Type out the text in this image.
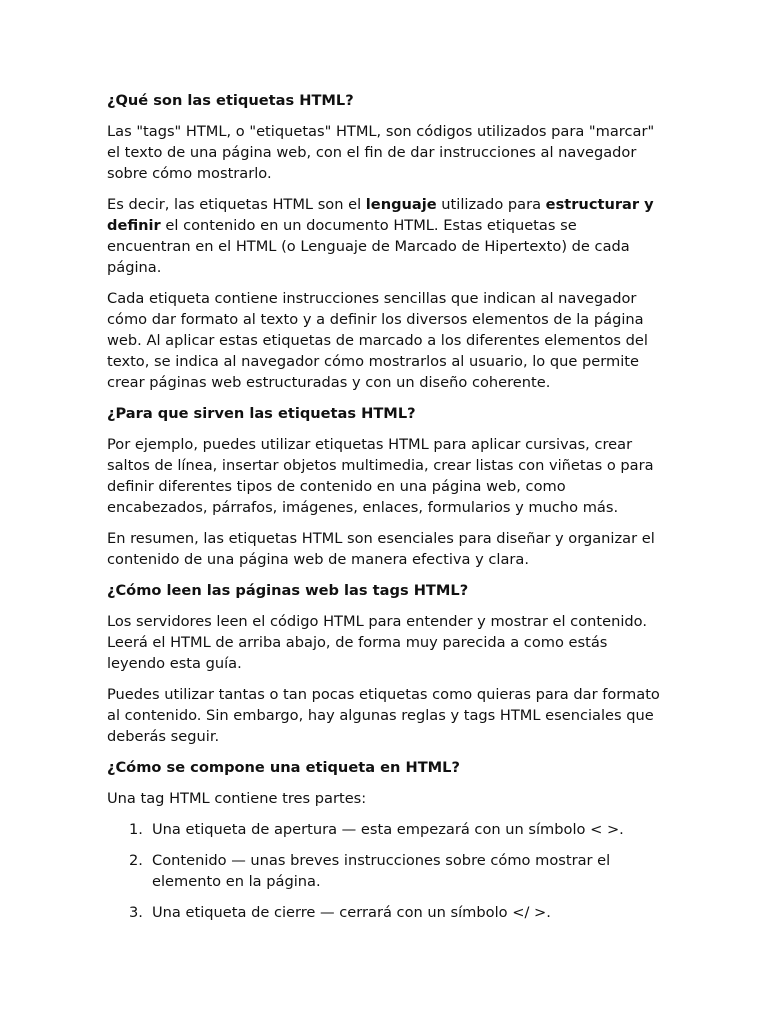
¿Qué son las etiquetas HTML?

Las "tags" HTML, o "etiquetas" HTML, son códigos utilizados para "marcar" el texto de una página web, con el fin de dar instrucciones al navegador sobre cómo mostrarlo.

Es decir, las etiquetas HTML son el lenguaje utilizado para estructurar y definir el contenido en un documento HTML. Estas etiquetas se encuentran en el HTML (o Lenguaje de Marcado de Hipertexto) de cada página.

Cada etiqueta contiene instrucciones sencillas que indican al navegador cómo dar formato al texto y a definir los diversos elementos de la página web. Al aplicar estas etiquetas de marcado a los diferentes elementos del texto, se indica al navegador cómo mostrarlos al usuario, lo que permite crear páginas web estructuradas y con un diseño coherente.

¿Para que sirven las etiquetas HTML?

Por ejemplo, puedes utilizar etiquetas HTML para aplicar cursivas, crear saltos de línea, insertar objetos multimedia, crear listas con viñetas o para definir diferentes tipos de contenido en una página web, como encabezados, párrafos, imágenes, enlaces, formularios y mucho más.

En resumen, las etiquetas HTML son esenciales para diseñar y organizar el contenido de una página web de manera efectiva y clara.

¿Cómo leen las páginas web las tags HTML?

Los servidores leen el código HTML para entender y mostrar el contenido. Leerá el HTML de arriba abajo, de forma muy parecida a como estás leyendo esta guía.

Puedes utilizar tantas o tan pocas etiquetas como quieras para dar formato al contenido. Sin embargo, hay algunas reglas y tags HTML esenciales que deberás seguir.

¿Cómo se compone una etiqueta en HTML?

Una tag HTML contiene tres partes:

1. Una etiqueta de apertura — esta empezará con un símbolo < >.
2. Contenido — unas breves instrucciones sobre cómo mostrar el elemento en la página.
3. Una etiqueta de cierre — cerrará con un símbolo </ >.
